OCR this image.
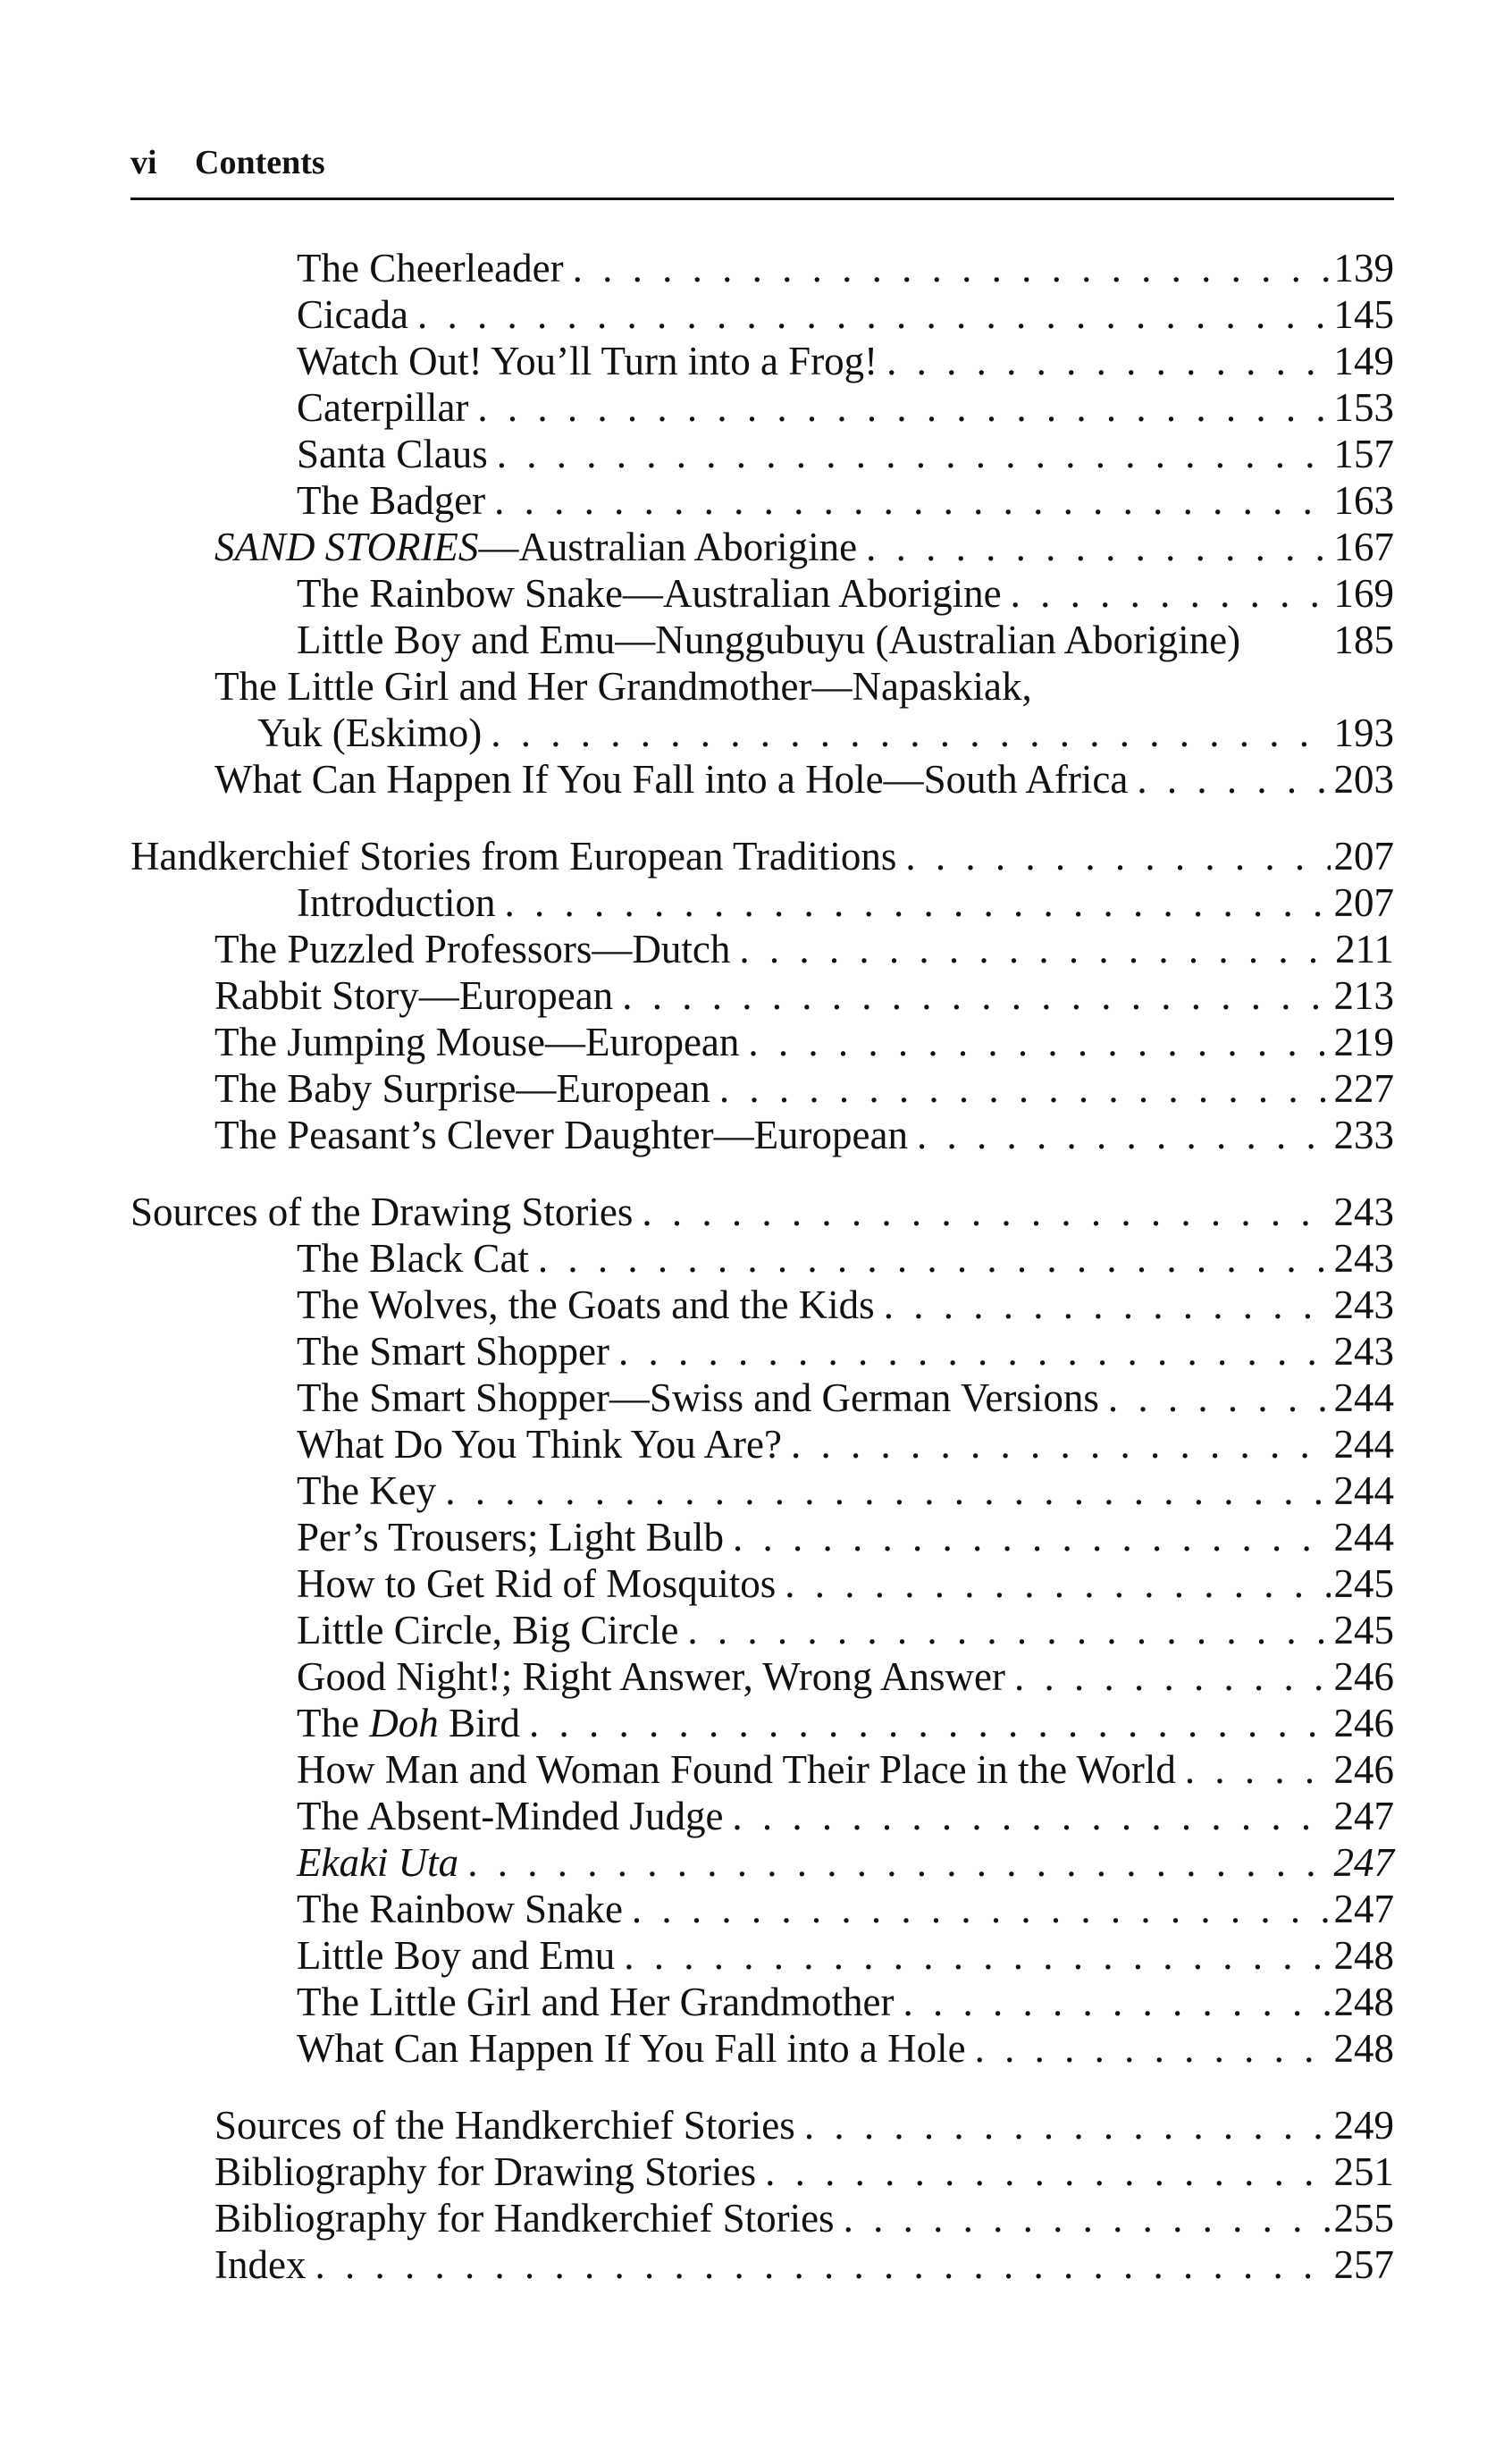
vi Contents
The Cheerleader . . .	139
Cicada . . .	145
Watch Out! You’ll Turn into a Frog! . . .	149
Caterpillar . . .	153
Santa Claus . . .	157
The Badger . . .	163
SAND STORIES—Australian Aborigine . . .	167
The Rainbow Snake—Australian Aborigine . . .	169
Little Boy and Emu—Nunggubuyu (Australian Aborigine) 185
The Little Girl and Her Grandmother—Napaskiak,
Yuk (Eskimo) . . .	193
What Can Happen If You Fall into a Hole—South Africa . . .	203
Handkerchief Stories from European Traditions . . .	207
Introduction . . .	207
The Puzzled Professors—Dutch . . .	211
Rabbit Story—European . . .	213
The Jumping Mouse—European . . .	219
The Baby Surprise—European . . .	227
The Peasant’s Clever Daughter—European . . .	233
Sources of the Drawing Stories . . .	243
The Black Cat . . .	243
The Wolves, the Goats and the Kids . . .	243
The Smart Shopper . . .	243
The Smart Shopper—Swiss and German Versions . . .	244
What Do You Think You Are? . . .	244
The Key . . .	244
Per’s Trousers; Light Bulb . . .	244
How to Get Rid of Mosquitos . . .	245
Little Circle, Big Circle . . .	245
Good Night!; Right Answer, Wrong Answer . . .	246
The Doh Bird . . .	246
How Man and Woman Found Their Place in the World . . .	246
The Absent-Minded Judge . . .	247
Ekaki Uta . . .	247
The Rainbow Snake . . .	247
Little Boy and Emu . . .	248
The Little Girl and Her Grandmother . . .	248
What Can Happen If You Fall into a Hole . . .	248
Sources of the Handkerchief Stories . . .	249
Bibliography for Drawing Stories . . .	251
Bibliography for Handkerchief Stories . . .	255
Index . . .	257
